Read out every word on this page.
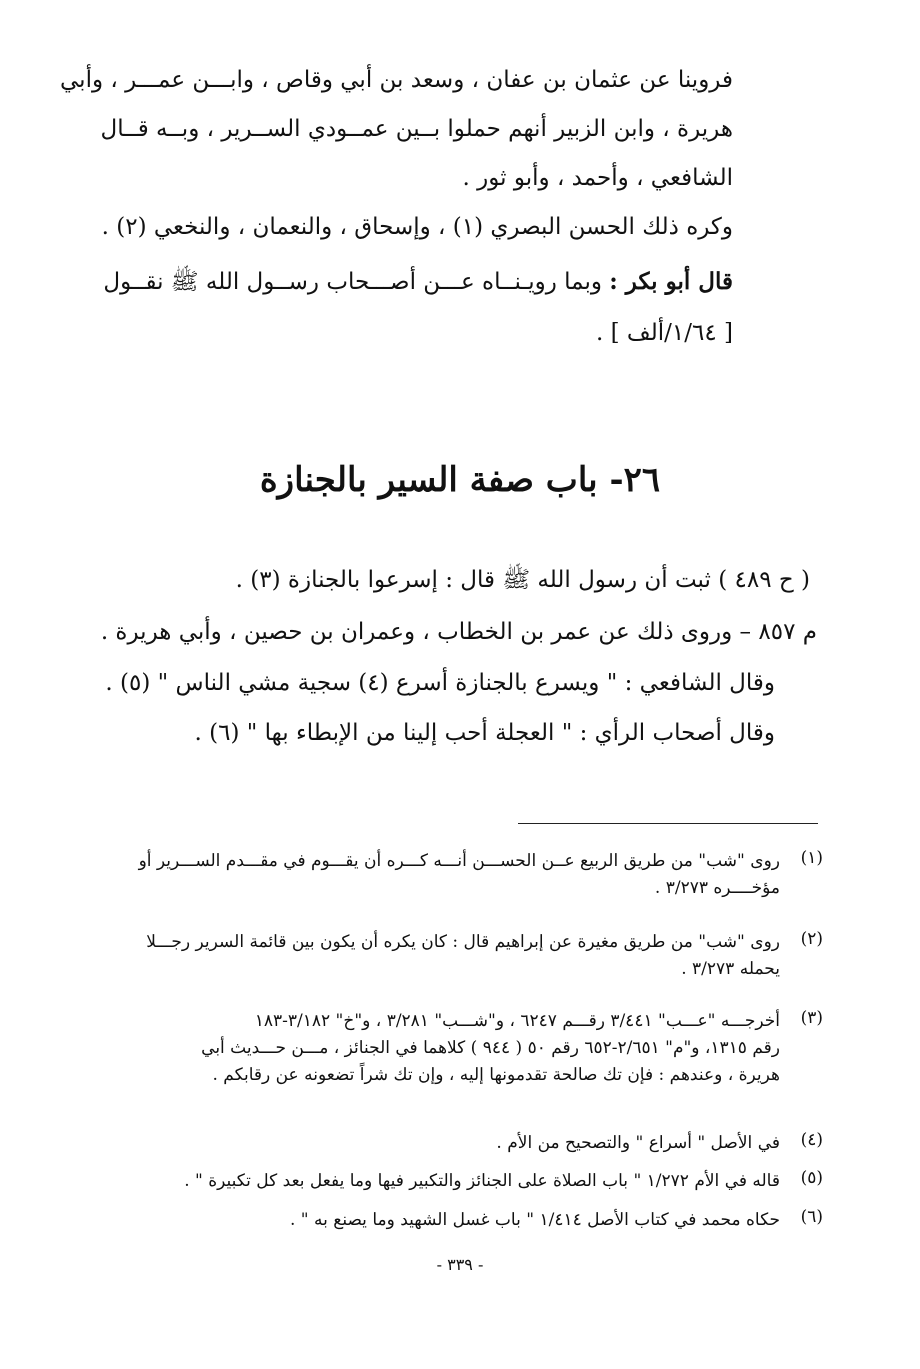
فروينا عن عثمان بن عفان ، وسعد بن أبي وقاص ، وابـــن عمـــر ، وأبي
هريرة ، وابن الزبير أنهم حملوا بــين عمــودي الســرير ، وبــه قــال
الشافعي ، وأحمد ، وأبو ثور .
وكره ذلك الحسن البصري (١) ، وإسحاق ، والنعمان ، والنخعي (٢) .
قال أبو بكر : وبما رويـنــاه عـــن أصـــحاب رســول الله ﷺ نقــول
[ ١/٦٤/ألف ] .
٢٦- باب صفة السير بالجنازة
( ح ٤٨٩ ) ثبت أن رسول الله ﷺ قال : إسرعوا بالجنازة (٣) .
م ٨٥٧ – وروى ذلك عن عمر بن الخطاب ، وعمران بن حصين ، وأبي هريرة .
وقال الشافعي : " ويسرع بالجنازة أسرع (٤) سجية مشي الناس " (٥) .
وقال أصحاب الرأي : " العجلة أحب إلينا من الإبطاء بها " (٦) .
(١)
روى "شب" من طريق الربيع عــن الحســـن أنـــه كـــره أن يقـــوم في مقـــدم الســـرير أو
مؤخــــره ٣/٢٧٣ .
(٢)
روى "شب" من طريق مغيرة عن إبراهيم قال : كان يكره أن يكون بين قائمة السرير رجـــلا
يحمله ٣/٢٧٣ .
(٣)
أخرجـــه "عـــب" ٣/٤٤١ رقـــم ٦٢٤٧ ، و"شـــب" ٣/٢٨١ ، و"خ" ٣/١٨٢-١٨٣
رقم ١٣١٥، و"م" ٢/٦٥١-٦٥٢ رقم ٥٠ ( ٩٤٤ ) كلاهما في الجنائز ، مـــن حـــديث أبي
هريرة ، وعندهم : فإن تك صالحة تقدمونها إليه ، وإن تك شراً تضعونه عن رقابكم .
(٤)
في الأصل " أسراع " والتصحيح من الأم .
(٥)
قاله في الأم ١/٢٧٢ " باب الصلاة على الجنائز والتكبير فيها وما يفعل بعد كل تكبيرة " .
(٦)
حكاه محمد في كتاب الأصل ١/٤١٤ " باب غسل الشهيد وما يصنع به " .
- ٣٣٩ -
